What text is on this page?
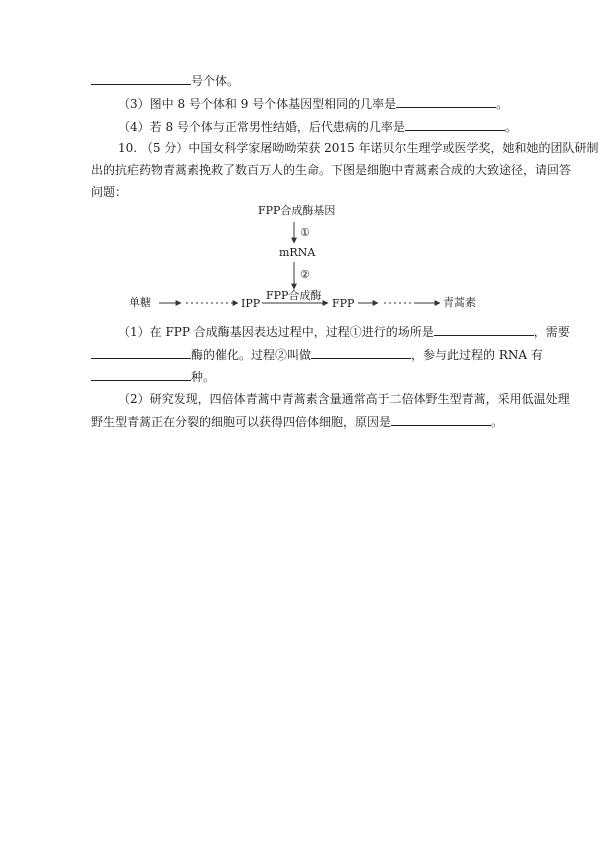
号个体。
（3）图中 8 号个体和 9 号个体基因型相同的几率是	。
（4）若 8 号个体与正常男性结婚，后代患病的几率是	。
10. （5 分）中国女科学家屠呦呦荣获 2015 年诺贝尔生理学或医学奖，她和她的团队研制
出的抗疟药物青蒿素挽救了数百万人的生命。下图是细胞中青蒿素合成的大致途径，请回答
问题：
FPP合成酶基因
①
mRNA
②
FPP合成酶
单糖	IPP	FPP	青蒿素
（1）在 FPP 合成酶基因表达过程中，过程①进行的场所是	，需要
酶的催化。过程②叫做	，参与此过程的 RNA 有
种。
（2）研究发现，四倍体青蒿中青蒿素含量通常高于二倍体野生型青蒿，采用低温处理
野生型青蒿正在分裂的细胞可以获得四倍体细胞，原因是	。
